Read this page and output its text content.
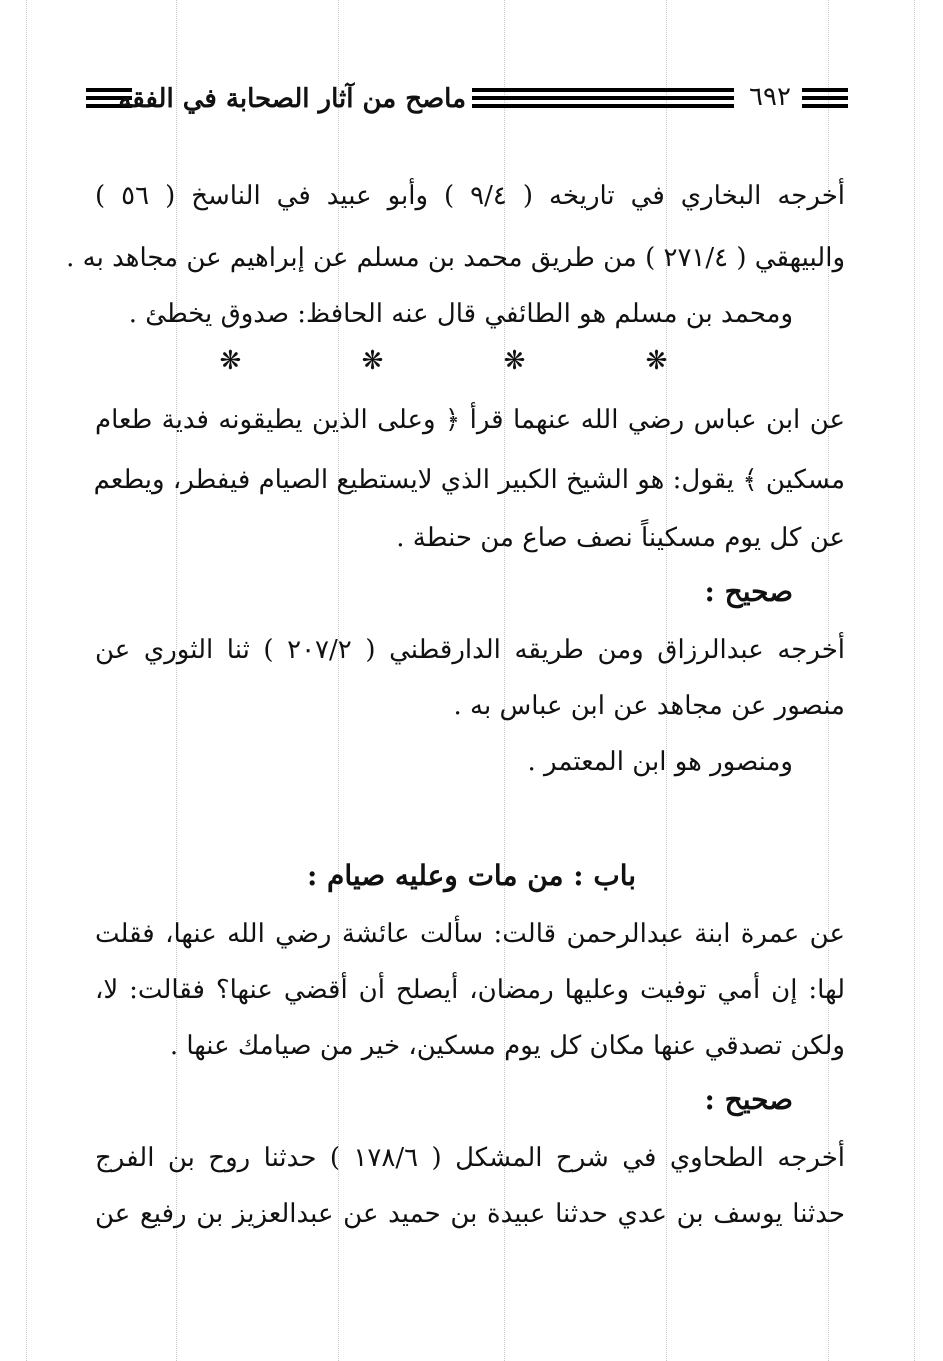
ماصح من آثار الصحابة في الفقه	٦٩٢
أخرجه البخاري في تاريخه ( ٩/٤ ) وأبو عبيد في الناسخ ( ٥٦ )
والبيهقي ( ٢٧١/٤ ) من طريق محمد بن مسلم عن إبراهيم عن مجاهد به .
ومحمد بن مسلم هو الطائفي قال عنه الحافظ: صدوق يخطئ .
❋ ❋ ❋ ❋
عن ابن عباس رضي الله عنهما قرأ ﴿ وعلى الذين يطيقونه فدية طعام
مسكين ﴾ يقول: هو الشيخ الكبير الذي لايستطيع الصيام فيفطر، ويطعم
عن كل يوم مسكيناً نصف صاع من حنطة .
صحيح :
أخرجه عبدالرزاق ومن طريقه الدارقطني ( ٢٠٧/٢ ) ثنا الثوري عن
منصور عن مجاهد عن ابن عباس به .
ومنصور هو ابن المعتمر .
باب : من مات وعليه صيام :
عن عمرة ابنة عبدالرحمن قالت: سألت عائشة رضي الله عنها، فقلت
لها: إن أمي توفيت وعليها رمضان، أيصلح أن أقضي عنها؟ فقالت: لا،
ولكن تصدقي عنها مكان كل يوم مسكين، خير من صيامك عنها .
صحيح :
أخرجه الطحاوي في شرح المشكل ( ١٧٨/٦ ) حدثنا روح بن الفرج
حدثنا يوسف بن عدي حدثنا عبيدة بن حميد عن عبدالعزيز بن رفيع عن
